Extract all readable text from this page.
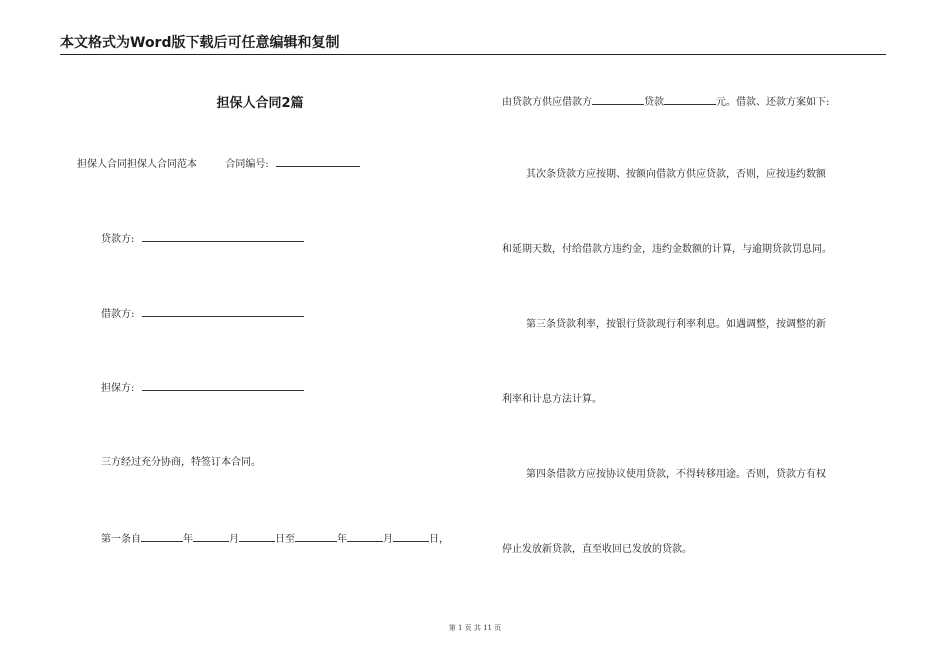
本文格式为Word版下载后可任意编辑和复制
担保人合同2篇
担保人合同担保人合同范本	合同编号:
贷款方:
借款方:
担保方:
三方经过充分协商，特签订本合同。
第一条自	年	月	日至	年	月	日，
由贷款方供应借款方	贷款	元。借款、还款方案如下:
其次条贷款方应按期、按额向借款方供应贷款，否则，应按违约数额
和延期天数，付给借款方违约金，违约金数额的计算，与逾期贷款罚息同。
第三条贷款利率，按银行贷款现行利率利息。如遇调整，按调整的新
利率和计息方法计算。
第四条借款方应按协议使用贷款，不得转移用途。否则，贷款方有权
停止发放新贷款，直至收回已发放的贷款。
第 1 页 共 11 页
